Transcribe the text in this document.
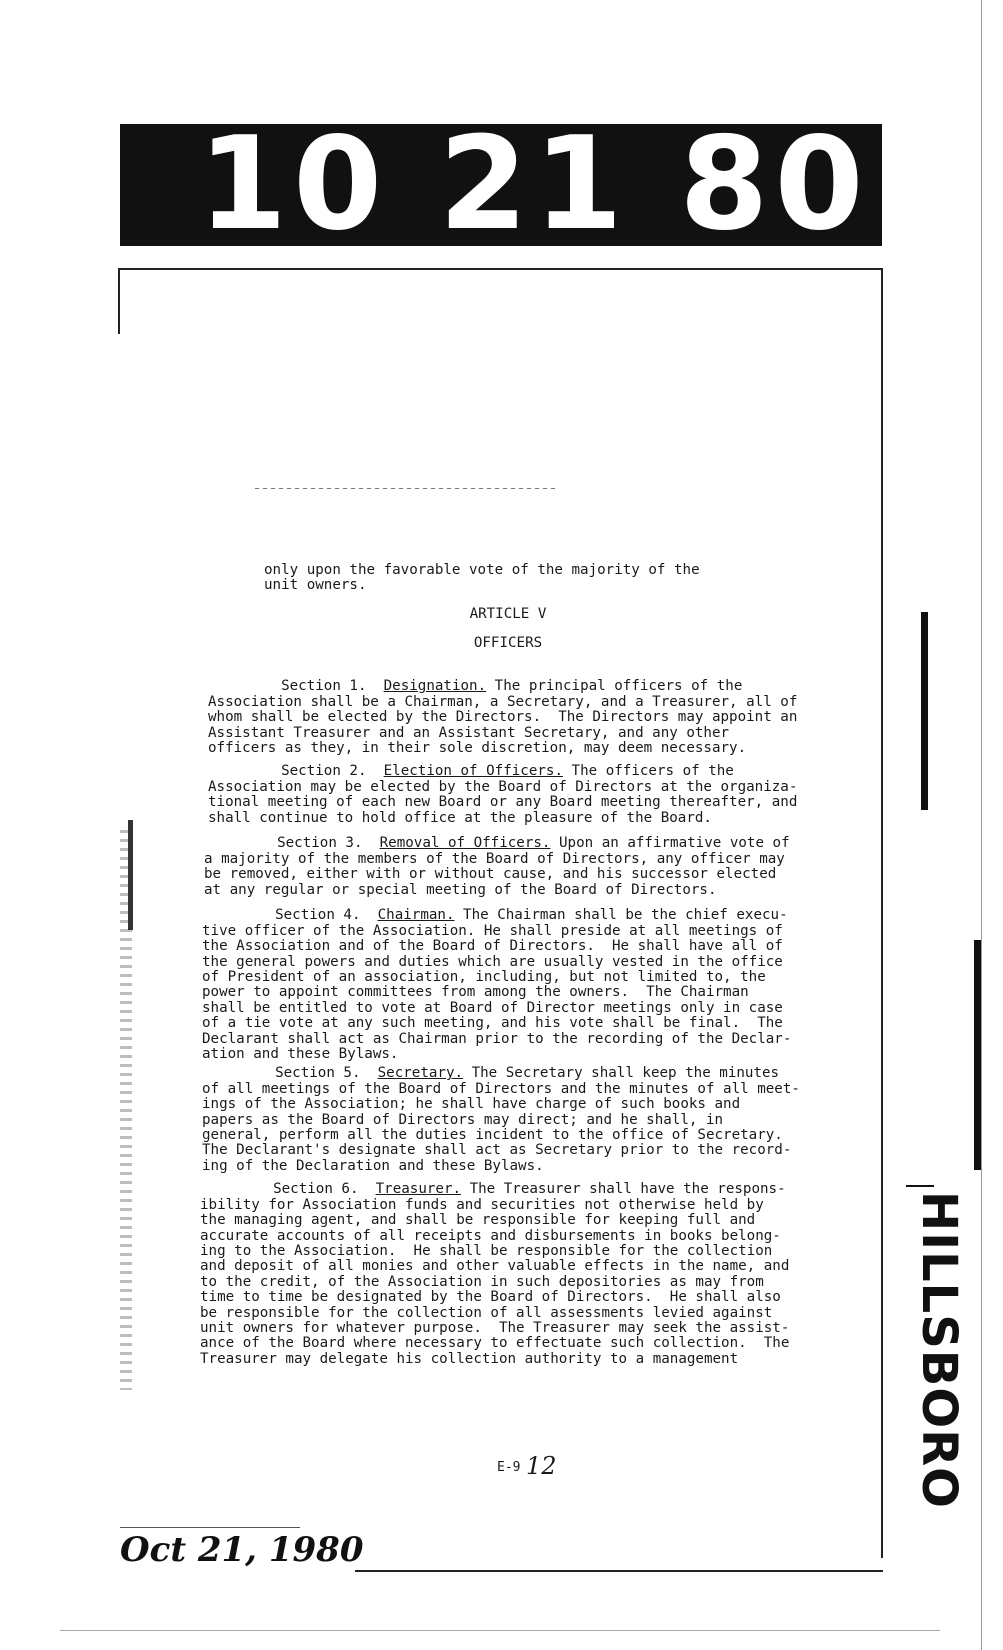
10 21 80
HILLSBORO
only upon the favorable vote of the majority of the
unit owners.
ARTICLE V
OFFICERS

Section 1. Designation. The principal officers of the
Association shall be a Chairman, a Secretary, and a Treasurer, all of
whom shall be elected by the Directors.  The Directors may appoint an
Assistant Treasurer and an Assistant Secretary, and any other
officers as they, in their sole discretion, may deem necessary.

Section 2. Election of Officers. The officers of the
Association may be elected by the Board of Directors at the organiza-
tional meeting of each new Board or any Board meeting thereafter, and
shall continue to hold office at the pleasure of the Board.

Section 3. Removal of Officers. Upon an affirmative vote of
a majority of the members of the Board of Directors, any officer may
be removed, either with or without cause, and his successor elected
at any regular or special meeting of the Board of Directors.

Section 4. Chairman. The Chairman shall be the chief execu-
tive officer of the Association. He shall preside at all meetings of
the Association and of the Board of Directors.  He shall have all of
the general powers and duties which are usually vested in the office
of President of an association, including, but not limited to, the
power to appoint committees from among the owners.  The Chairman
shall be entitled to vote at Board of Director meetings only in case
of a tie vote at any such meeting, and his vote shall be final.  The
Declarant shall act as Chairman prior to the recording of the Declar-
ation and these Bylaws.

Section 5. Secretary. The Secretary shall keep the minutes
of all meetings of the Board of Directors and the minutes of all meet-
ings of the Association; he shall have charge of such books and
papers as the Board of Directors may direct; and he shall, in
general, perform all the duties incident to the office of Secretary.
The Declarant's designate shall act as Secretary prior to the record-
ing of the Declaration and these Bylaws.

Section 6. Treasurer. The Treasurer shall have the respons-
ibility for Association funds and securities not otherwise held by
the managing agent, and shall be responsible for keeping full and
accurate accounts of all receipts and disbursements in books belong-
ing to the Association.  He shall be responsible for the collection
and deposit of all monies and other valuable effects in the name, and
to the credit, of the Association in such depositories as may from
time to time be designated by the Board of Directors.  He shall also
be responsible for the collection of all assessments levied against
unit owners for whatever purpose.  The Treasurer may seek the assist-
ance of the Board where necessary to effectuate such collection.  The
Treasurer may delegate his collection authority to a management

E-9 12
Oct 21, 1980
